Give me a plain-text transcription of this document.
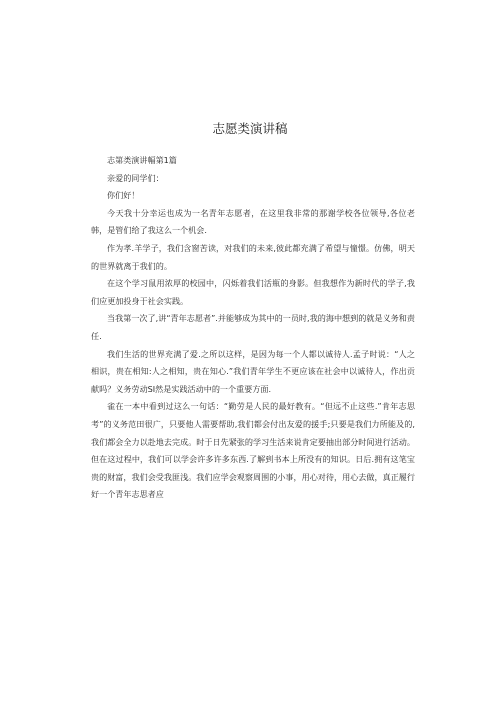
志愿类演讲稿

志第类演讲幅第1篇

亲爱的同学们：

你们好！

今天我十分幸运也成为一名青年志愿者，在这里我非常的那谢学校各位领导,各位老韩，是管们给了我这么一个机会.

作为孝.羊学子，我们含窗苦读，对我们的未来,彼此都充满了希望与憧憬。仿佛，明天的世界就离于我们的。

在这个学习鼠用浓厚的校园中，闪烁着我们活瓶的身影。但我想作为新时代的学子,我们应更加投身于社会实践。

当我第一次了,讲“青年志愿者”.并能够成为其中的一员时,我的海中想到的就是义务和责任.

我们生活的世界充满了爱.之所以这样，是因为每一个人都以诚待人.孟子时说：“人之相识，贵在相知:人之相知，贵在知心.”我们青年学生不更应该在社会中以诚待人，作出贡献吗？义务劳动SI然是实践活动中的一个重要方面.

雀在一本中看到过这么一句话：“勤劳是人民的最好教有。“但远不止这些.”肯年志思考”的义务范田很广，只要他人需要帮助,我们都会付出友爱的援手;只要是我们力所能及的,我们都会全力以赴地去完成。时于日先紧张的学习生活来说肯定要抽出部分时间进行活动。但在这过程中，我们可以学会许多许多东西.了解到书本上所没有的知识。日后.拥有这笔宝贵的财富，我们会受我匪浅。我们应学会观察周围的小事，用心对待，用心去做，真正履行好一个青年志思者应
